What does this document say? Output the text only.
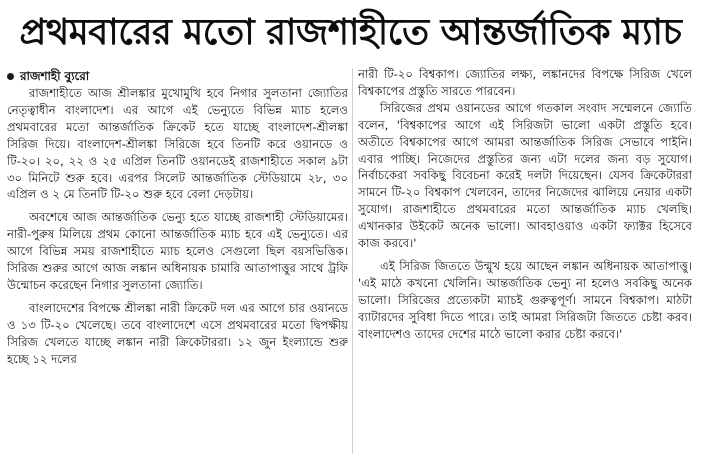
প্রথমবারের মতো রাজশাহীতে আন্তর্জাতিক ম্যাচ
রাজশাহী ব্যুরো

রাজশাহীতে আজ শ্রীলঙ্কার মুখোমুখি হবে নিগার সুলতানা জ্যোতির নেতৃত্বাধীন বাংলাদেশ। এর আগে এই ভেন্যুতে বিভিন্ন ম্যাচ হলেও প্রথমবারের মতো আন্তর্জাতিক ক্রিকেট হতে যাচ্ছে বাংলাদেশ-শ্রীলঙ্কা সিরিজ দিয়ে। বাংলাদেশ-শ্রীলঙ্কা সিরিজে হবে তিনটি করে ওয়ানডে ও টি-২০। ২০, ২২ ও ২৫ এপ্রিল তিনটি ওয়ানডেই রাজশাহীতে সকাল ৯টা ৩০ মিনিটে শুরু হবে। এরপর সিলেট আন্তর্জাতিক স্টেডিয়ামে ২৮, ৩০ এপ্রিল ও ২ মে তিনটি টি-২০ শুরু হবে বেলা দেড়টায়।

অবশেষে আজ আন্তর্জাতিক ভেন্যু হতে যাচ্ছে রাজশাহী স্টেডিয়ামের। নারী-পুরুষ মিলিয়ে প্রথম কোনো আন্তর্জাতিক ম্যাচ হবে এই ভেন্যুতে। এর আগে বিভিন্ন সময় রাজশাহীতে ম্যাচ হলেও সেগুলো ছিল বয়সভিত্তিক। সিরিজ শুরুর আগে আজ লঙ্কান অধিনায়ক চামারি আতাপাত্তুর সাথে ট্রফি উন্মোচন করেছেন নিগার সুলতানা জ্যোতি।

বাংলাদেশের বিপক্ষে শ্রীলঙ্কা নারী ক্রিকেট দল এর আগে চার ওয়ানডে ও ১৩ টি-২০ খেলেছে। তবে বাংলাদেশে এসে প্রথমবারের মতো দ্বিপক্ষীয় সিরিজ খেলতে যাচ্ছে লঙ্কান নারী ক্রিকেটাররা। ১২ জুন ইংল্যান্ডে শুরু হচ্ছে ১২ দলের

নারী টি-২০ বিশ্বকাপ। জ্যোতির লক্ষ্য, লঙ্কানদের বিপক্ষে সিরিজ খেলে বিশ্বকাপের প্রস্তুতি সারতে পারবেন।

সিরিজের প্রথম ওয়ানডের আগে গতকাল সংবাদ সম্মেলনে জ্যোতি বলেন, 'বিশ্বকাপের আগে এই সিরিজটা ভালো একটা প্রস্তুতি হবে। অতীতে বিশ্বকাপের আগে আমরা আন্তর্জাতিক সিরিজ সেভাবে পাইনি। এবার পাচ্ছি। নিজেদের প্রস্তুতির জন্য এটা দলের জন্য বড় সুযোগ। নির্বাচকেরা সবকিছু বিবেচনা করেই দলটা দিয়েছেন। যেসব ক্রিকেটাররা সামনে টি-২০ বিশ্বকাপ খেলবেন, তাদের নিজেদের ঝালিয়ে নেয়ার একটা সুযোগ। রাজশাহীতে প্রথমবারের মতো আন্তর্জাতিক ম্যাচ খেলছি। এখানকার উইকেট অনেক ভালো। আবহাওয়াও একটা ফ্যাক্টর হিসেবে কাজ করবে।'

এই সিরিজ জিততে উন্মুখ হয়ে আছেন লঙ্কান অধিনায়ক আতাপাত্তু। 'এই মাঠে কখনো খেলিনি। আন্তর্জাতিক ভেন্যু না হলেও সবকিছু অনেক ভালো। সিরিজের প্রত্যেকটা ম্যাচই গুরুত্বপূর্ণ। সামনে বিশ্বকাপ। মাঠটা ব্যাটারদের সুবিধা দিতে পারে। তাই আমরা সিরিজটা জিততে চেষ্টা করব। বাংলাদেশও তাদের দেশের মাঠে ভালো করার চেষ্টা করবে।'
